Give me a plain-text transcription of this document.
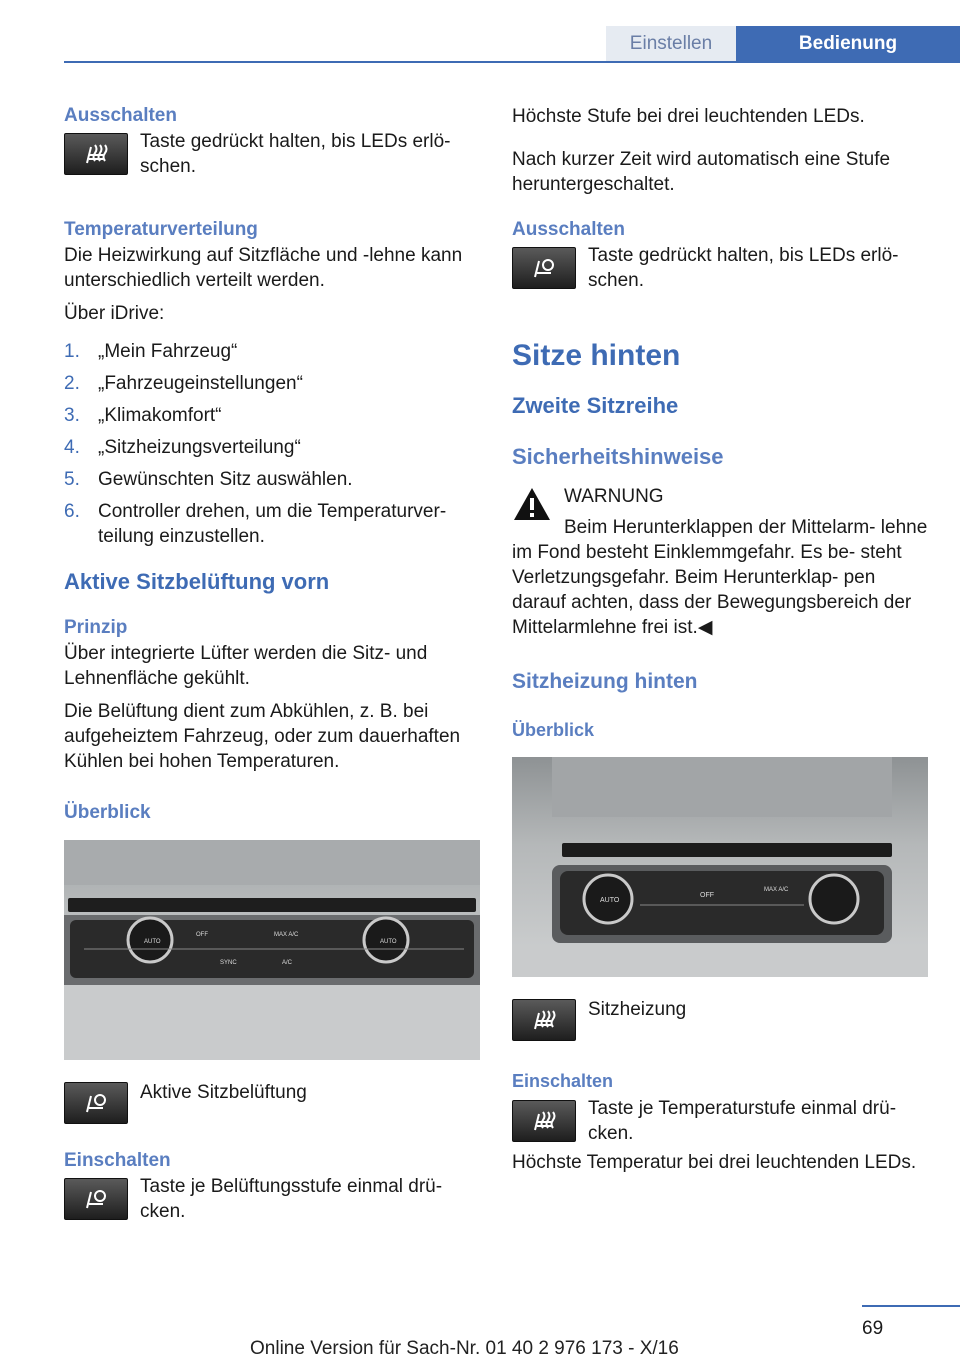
Einstellen	Bedienung
Ausschalten

Taste gedrückt halten, bis LEDs erlö‐ schen.

Temperaturverteilung

Die Heizwirkung auf Sitzfläche und -lehne kann unterschiedlich verteilt werden.

Über iDrive:

1. „Mein Fahrzeug“
2. „Fahrzeugeinstellungen“
3. „Klimakomfort“
4. „Sitzheizungsverteilung“
5. Gewünschten Sitz auswählen.
6. Controller drehen, um die Temperaturver‐ teilung einzustellen.
Aktive Sitzbelüftung vorn
Prinzip

Über integrierte Lüfter werden die Sitz- und Lehnenfläche gekühlt.

Die Belüftung dient zum Abkühlen, z. B. bei aufgeheiztem Fahrzeug, oder zum dauerhaften Kühlen bei hohen Temperaturen.

Überblick
AUTO
OFF	MAX A/C
AUTO
SYNC	A/C

Aktive Sitzbelüftung

Einschalten

Taste je Belüftungsstufe einmal drü‐ cken.

Höchste Stufe bei drei leuchtenden LEDs.

Nach kurzer Zeit wird automatisch eine Stufe heruntergeschaltet.

Ausschalten

Taste gedrückt halten, bis LEDs erlö‐ schen.

Sitze hinten
Zweite Sitzreihe
Sicherheitshinweise

WARNUNG

Beim Herunterklappen der Mittelarm‐ lehne im Fond besteht Einklemmgefahr. Es be‐ steht Verletzungsgefahr. Beim Herunterklap‐ pen darauf achten, dass der Bewegungsbereich der Mittelarmlehne frei ist.◀

Sitzheizung hinten
Überblick
AUTO
OFF
MAX A/C

Sitzheizung

Einschalten

Taste je Temperaturstufe einmal drü‐ cken.

Höchste Temperatur bei drei leuchtenden LEDs.

69
Online Version für Sach-Nr. 01 40 2 976 173 - X/16
